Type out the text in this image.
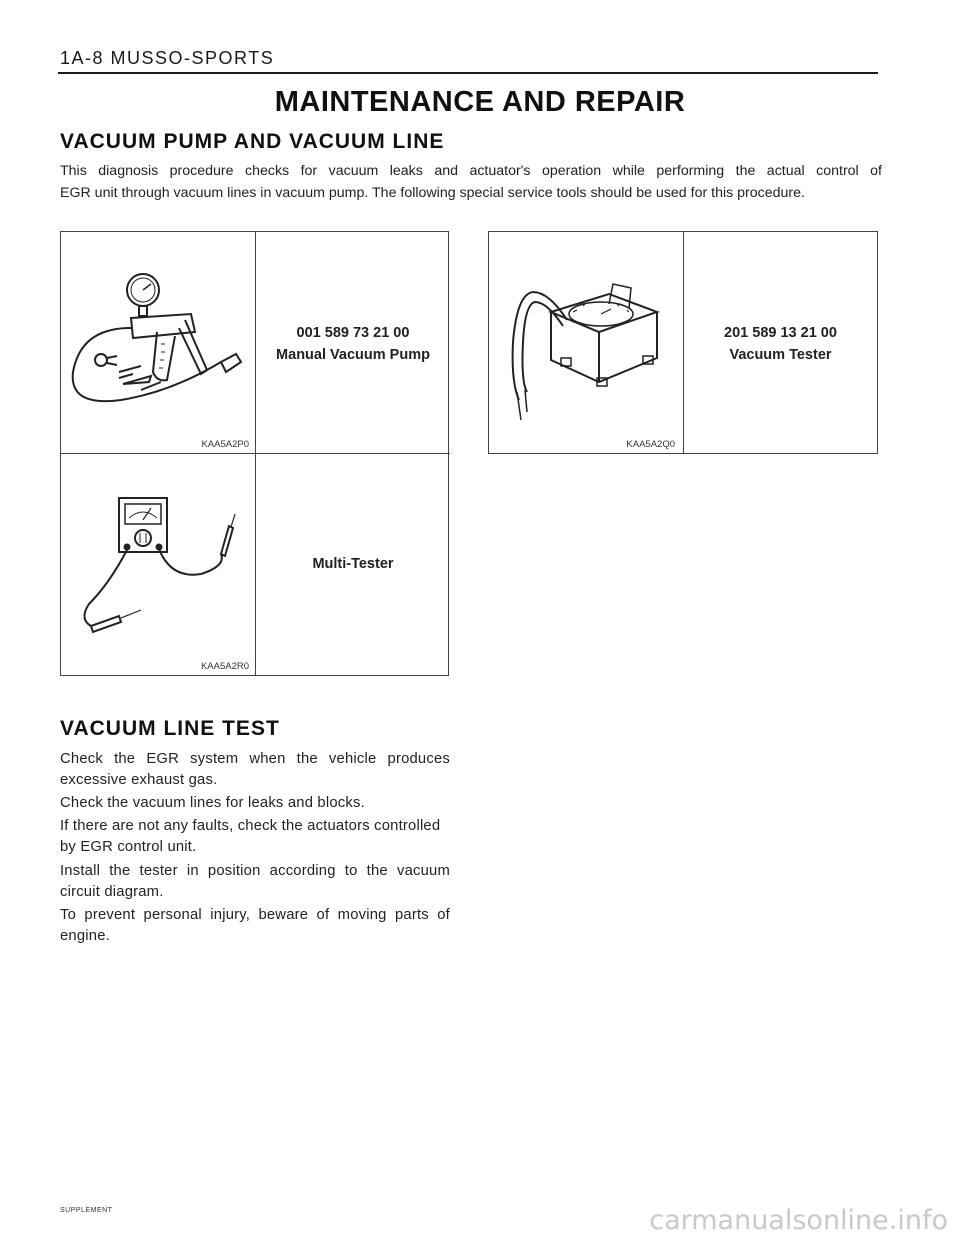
1A-8 MUSSO-SPORTS
MAINTENANCE AND REPAIR
VACUUM PUMP AND VACUUM LINE
This diagnosis procedure checks for vacuum leaks and actuator's operation while performing the actual control of
EGR unit through vacuum lines in vacuum pump. The following special service tools should be used for this procedure.
KAA5A2P0
001 589 73 21 00
Manual Vacuum Pump
KAA5A2R0
Multi-Tester
KAA5A2Q0
201 589 13 21 00
Vacuum Tester
VACUUM LINE TEST
Check the EGR system when the vehicle produces excessive exhaust gas.
Check the vacuum lines for leaks and blocks.
If there are not any faults, check the actuators controlled by EGR control unit.
Install the tester in position according to the vacuum circuit diagram.
To prevent personal injury, beware of moving parts of engine.
SUPPLEMENT	carmanualsonline.info
